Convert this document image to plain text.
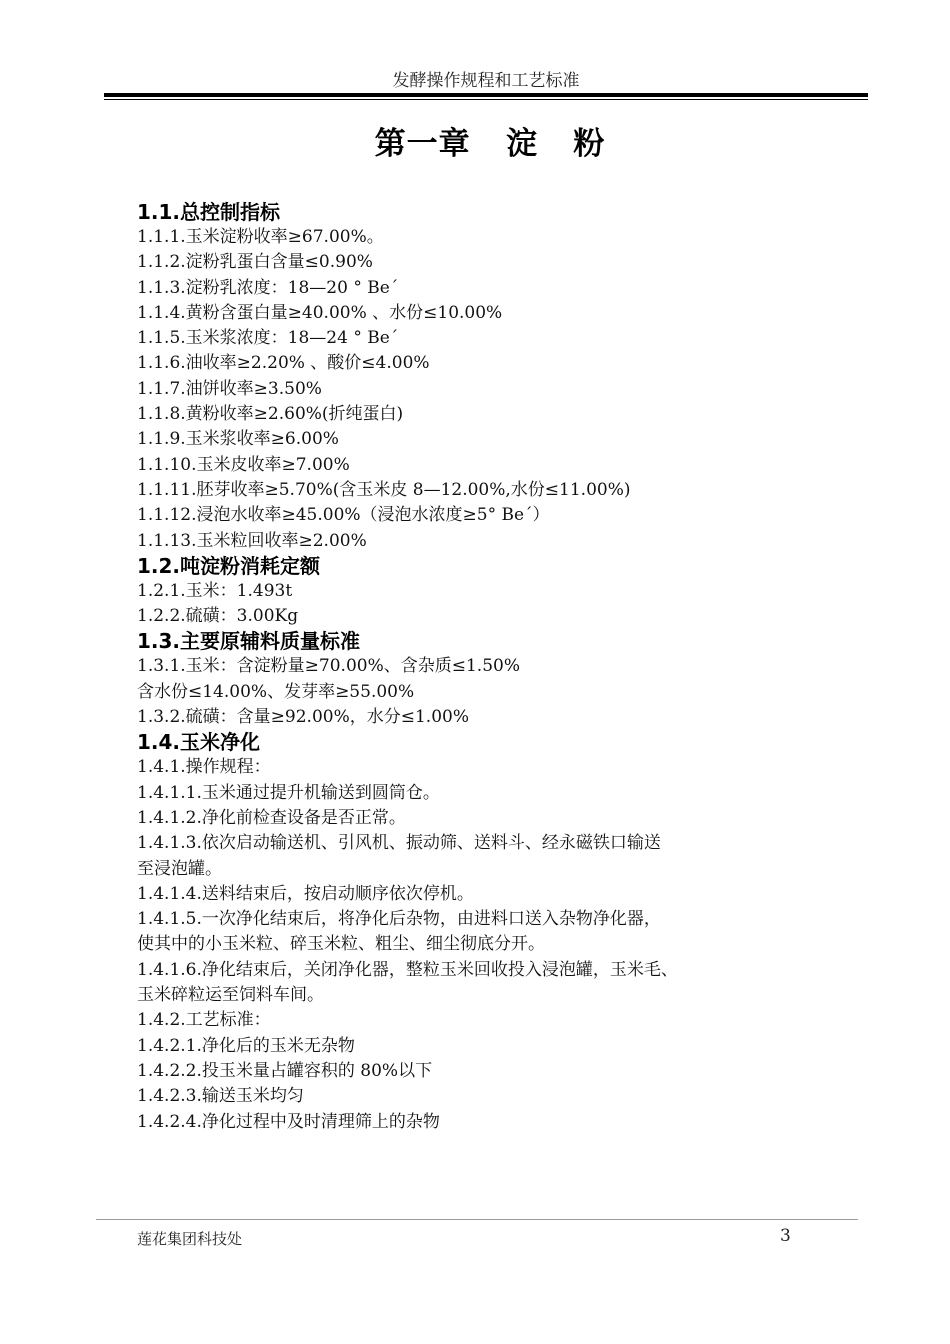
发酵操作规程和工艺标准
第一章   淀   粉
1.1.总控制指标
1.1.1.玉米淀粉收率≥67.00%。
1.1.2.淀粉乳蛋白含量≤0.90%
1.1.3.淀粉乳浓度：18—20 ° Be´
1.1.4.黄粉含蛋白量≥40.00% 、水份≤10.00%
1.1.5.玉米浆浓度：18—24 ° Be´
1.1.6.油收率≥2.20% 、酸价≤4.00%
1.1.7.油饼收率≥3.50%
1.1.8.黄粉收率≥2.60%(折纯蛋白)
1.1.9.玉米浆收率≥6.00%
1.1.10.玉米皮收率≥7.00%
1.1.11.胚芽收率≥5.70%(含玉米皮 8—12.00%,水份≤11.00%)
1.1.12.浸泡水收率≥45.00%（浸泡水浓度≥5° Be´）
1.1.13.玉米粒回收率≥2.00%
1.2.吨淀粉消耗定额
1.2.1.玉米：1.493t
1.2.2.硫磺：3.00Kg
1.3.主要原辅料质量标准
1.3.1.玉米：含淀粉量≥70.00%、含杂质≤1.50%
含水份≤14.00%、发芽率≥55.00%
1.3.2.硫磺：含量≥92.00%，水分≤1.00%
1.4.玉米净化
1.4.1.操作规程：
1.4.1.1.玉米通过提升机输送到圆筒仓。
1.4.1.2.净化前检查设备是否正常。
1.4.1.3.依次启动输送机、引风机、振动筛、送料斗、经永磁铁口输送
至浸泡罐。
1.4.1.4.送料结束后，按启动顺序依次停机。
1.4.1.5.一次净化结束后，将净化后杂物，由进料口送入杂物净化器，
使其中的小玉米粒、碎玉米粒、粗尘、细尘彻底分开。
1.4.1.6.净化结束后，关闭净化器，整粒玉米回收投入浸泡罐，玉米毛、
玉米碎粒运至饲料车间。
1.4.2.工艺标准：
1.4.2.1.净化后的玉米无杂物
1.4.2.2.投玉米量占罐容积的 80%以下
1.4.2.3.输送玉米均匀
1.4.2.4.净化过程中及时清理筛上的杂物
莲花集团科技处	3
